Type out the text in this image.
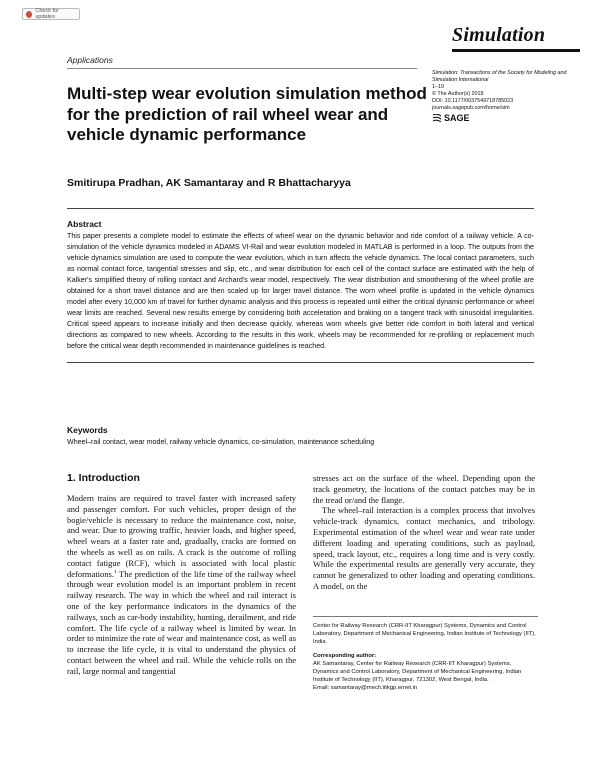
Check for updates
Simulation
Applications
Simulation: Transactions of the Society for Modeling and Simulation International
1–19
© The Author(s) 2018
DOI: 10.1177/0037549718785023
journals.sagepub.com/home/sim
SAGE
Multi-step wear evolution simulation method for the prediction of rail wheel wear and vehicle dynamic performance
Smitirupa Pradhan, AK Samantaray and R Bhattacharyya
Abstract
This paper presents a complete model to estimate the effects of wheel wear on the dynamic behavior and ride comfort of a railway vehicle. A co-simulation of the vehicle dynamics modeled in ADAMS VI-Rail and wear evolution modeled in MATLAB is performed in a loop. The outputs from the vehicle dynamics simulation are used to compute the wear evolution, which in turn affects the vehicle dynamics. The local contact parameters, such as normal contact force, tangential stresses and slip, etc., and wear distribution for each cell of the contact surface are estimated with the help of Kalker's simplified theory of rolling contact and Archard's wear model, respectively. The wear distribution and smoothening of the wheel profile are obtained for a short travel distance and are then scaled up for larger travel distance. The worn wheel profile is updated in the vehicle dynamics model after every 10,000 km of travel for further dynamic analysis and this process is repeated until either the critical dynamic performance or wheel wear limits are reached. Several new results emerge by considering both acceleration and braking on a tangent track with sinusoidal irregularities. Critical speed appears to increase initially and then decrease quickly, whereas worn wheels give better ride comfort in both lateral and vertical directions as compared to new wheels. According to the results in this work, wheels may be recommended for re-profiling or replacement much before the critical wear depth recommended in maintenance guidelines is reached.
Keywords
Wheel–rail contact, wear model, railway vehicle dynamics, co-simulation, maintenance scheduling
1. Introduction

Modern trains are required to travel faster with increased safety and passenger comfort. For such vehicles, proper design of the bogie/vehicle is necessary to reduce the maintenance cost, noise, and wear. Due to growing traffic, heavier loads, and higher speed, wheel wears at a faster rate and, gradually, cracks are formed on the wheels as well as on rails. A crack is the outcome of rolling contact fatigue (RCF), which is associated with local plastic deformations.$^1$ The prediction of the life time of the railway wheel through wear evolution model is an important problem in recent railway research. The way in which the wheel and rail interact is one of the key performance indicators in the dynamics of the railways, such as car-body instability, hunting, derailment, and ride comfort. The life cycle of a railway wheel is limited by wear. In order to minimize the rate of wear and maintenance cost, as well as to increase the life cycle, it is vital to understand the physics of contact between the wheel and rail. While the vehicle rolls on the rail, large normal and tangential

stresses act on the surface of the wheel. Depending upon the track geometry, the locations of the contact patches may be in the tread or/and the flange.

The wheel–rail interaction is a complex process that involves vehicle-track dynamics, contact mechanics, and tribology. Experimental estimation of the wheel wear and wear rate under different loading and operating conditions, such as payload, speed, track layout, etc., requires a long time and is very costly. While the experimental results are generally very accurate, they cannot be generalized to other loading and operating conditions. A model, on the

Center for Railway Research (CRR-IIT Kharagpur) Systems, Dynamics and Control Laboratory, Department of Mechanical Engineering, Indian Institute of Technology (IIT), India
Corresponding author:
AK Samantaray, Center for Railway Research (CRR-IIT Kharagpur) Systems, Dynamics and Control Laboratory, Department of Mechanical Engineering, Indian Institute of Technology (IIT), Kharagpur, 721302, West Bengal, India.
Email: samantaray@mech.iitkgp.ernet.in
